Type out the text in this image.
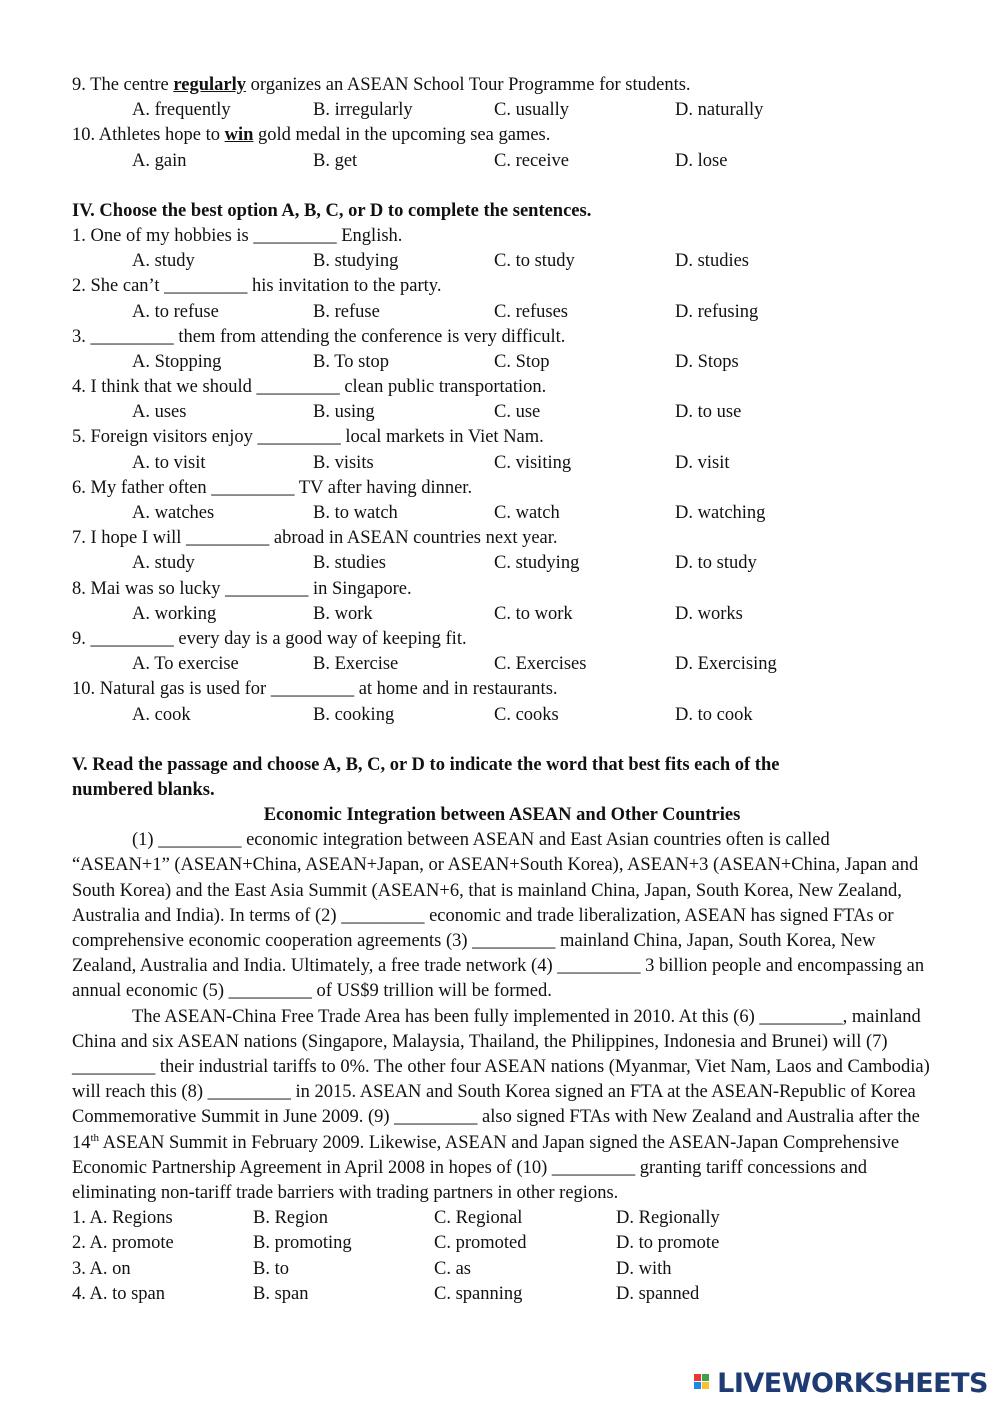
9. The centre regularly organizes an ASEAN School Tour Programme for students.
A. frequently	B. irregularly	C. usually	D. naturally
10. Athletes hope to win gold medal in the upcoming sea games.
A. gain	B. get	C. receive	D. lose
IV. Choose the best option A, B, C, or D to complete the sentences.
1. One of my hobbies is _________ English.
A. study	B. studying	C. to study	D. studies
2. She can’t _________ his invitation to the party.
A. to refuse	B. refuse	C. refuses	D. refusing
3. _________ them from attending the conference is very difficult.
A. Stopping	B. To stop	C. Stop	D. Stops
4. I think that we should _________ clean public transportation.
A. uses	B. using	C. use	D. to use
5. Foreign visitors enjoy _________ local markets in Viet Nam.
A. to visit	B. visits	C. visiting	D. visit
6. My father often _________ TV after having dinner.
A. watches	B. to watch	C. watch	D. watching
7. I hope I will _________ abroad in ASEAN countries next year.
A. study	B. studies	C. studying	D. to study
8. Mai was so lucky _________ in Singapore.
A. working	B. work	C. to work	D. works
9. _________ every day is a good way of keeping fit.
A. To exercise	B. Exercise	C. Exercises	D. Exercising
10. Natural gas is used for _________ at home and in restaurants.
A. cook	B. cooking	C. cooks	D. to cook
V. Read the passage and choose A, B, C, or D to indicate the word that best fits each of the
numbered blanks.
Economic Integration between ASEAN and Other Countries
(1) _________ economic integration between ASEAN and East Asian countries often is called “ASEAN+1” (ASEAN+China, ASEAN+Japan, or ASEAN+South Korea), ASEAN+3 (ASEAN+China, Japan and South Korea) and the East Asia Summit (ASEAN+6, that is mainland China, Japan, South Korea, New Zealand, Australia and India). In terms of (2) _________ economic and trade liberalization, ASEAN has signed FTAs or comprehensive economic cooperation agreements (3) _________ mainland China, Japan, South Korea, New Zealand, Australia and India. Ultimately, a free trade network (4) _________ 3 billion people and encompassing an annual economic (5) _________ of US$9 trillion will be formed.
The ASEAN-China Free Trade Area has been fully implemented in 2010. At this (6) _________, mainland China and six ASEAN nations (Singapore, Malaysia, Thailand, the Philippines, Indonesia and Brunei) will (7) _________ their industrial tariffs to 0%. The other four ASEAN nations (Myanmar, Viet Nam, Laos and Cambodia) will reach this (8) _________ in 2015. ASEAN and South Korea signed an FTA at the ASEAN-Republic of Korea Commemorative Summit in June 2009. (9) _________ also signed FTAs with New Zealand and Australia after the 14th ASEAN Summit in February 2009. Likewise, ASEAN and Japan signed the ASEAN-Japan Comprehensive Economic Partnership Agreement in April 2008 in hopes of (10) _________ granting tariff concessions and eliminating non-tariff trade barriers with trading partners in other regions.
1. A. Regions	B. Region	C. Regional	D. Regionally
2. A. promote	B. promoting	C. promoted	D. to promote
3. A. on	B. to	C. as	D. with
4. A. to span	B. span	C. spanning	D. spanned
LIVEWORKSHEETS
